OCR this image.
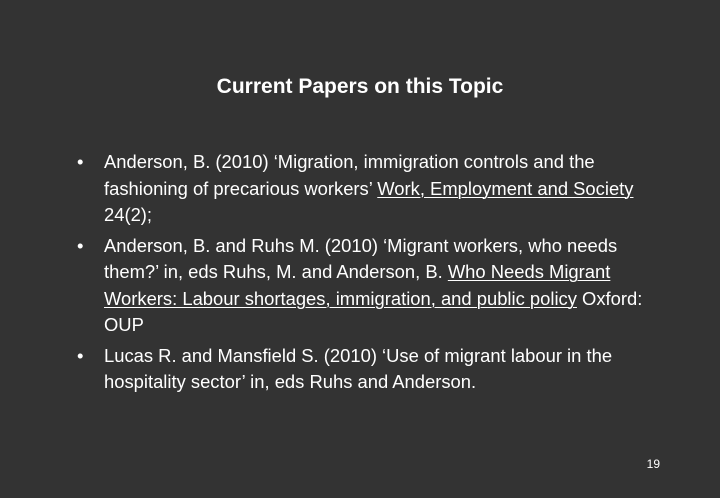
Current Papers on this Topic
• Anderson, B. (2010) ‘Migration, immigration controls and the fashioning of precarious workers’ Work, Employment and Society 24(2);
• Anderson, B. and Ruhs M. (2010) ‘Migrant workers, who needs them?’ in, eds Ruhs, M. and Anderson, B. Who Needs Migrant Workers: Labour shortages, immigration, and public policy Oxford: OUP
• Lucas R. and Mansfield S. (2010) ‘Use of migrant labour in the hospitality sector’ in, eds Ruhs and Anderson.
19
